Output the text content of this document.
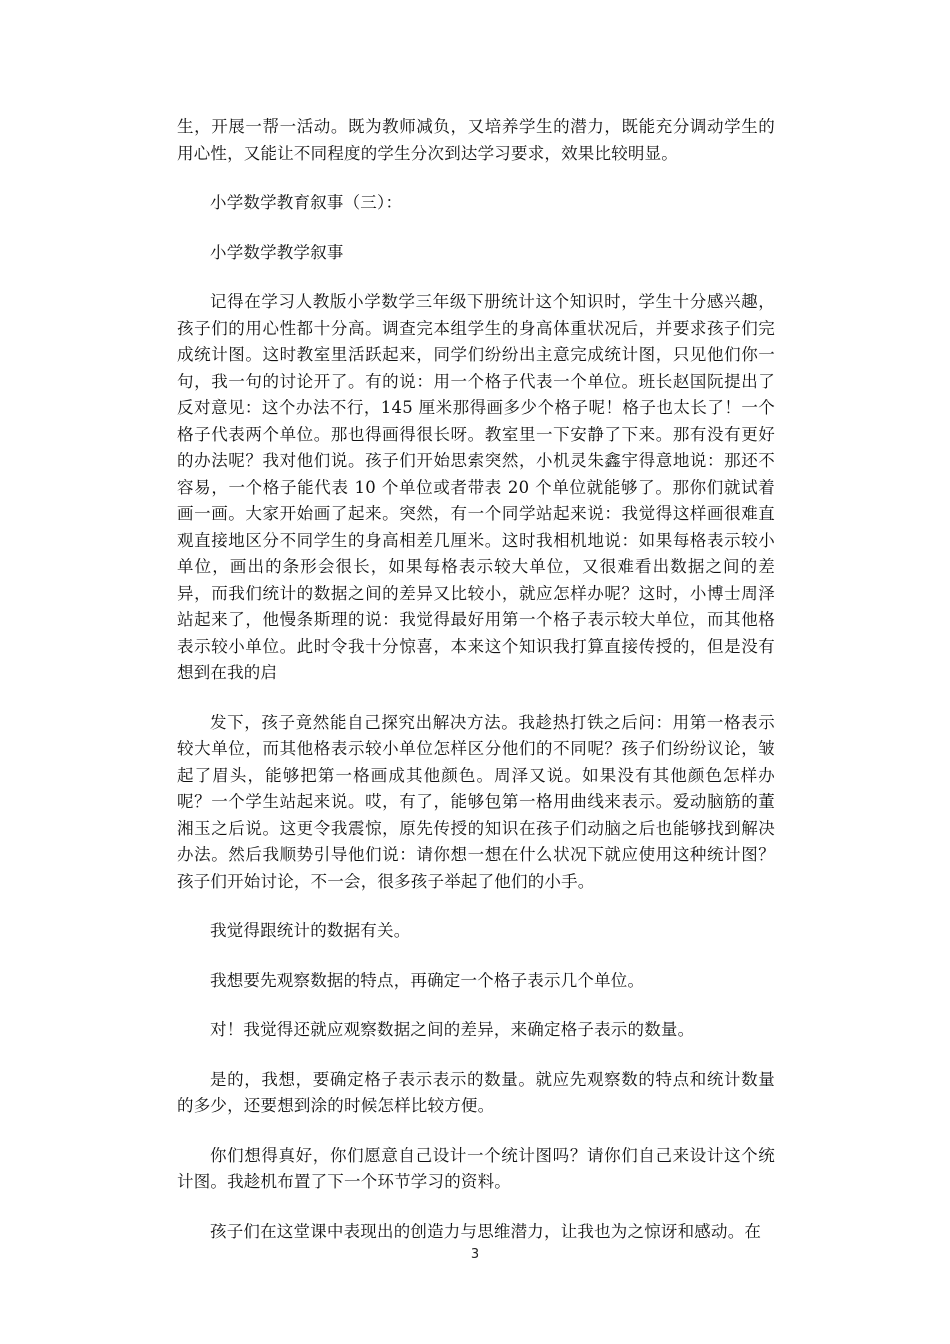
生，开展一帮一活动。既为教师减负，又培养学生的潜力，既能充分调动学生的用心性，又能让不同程度的学生分次到达学习要求，效果比较明显。

小学数学教育叙事（三）：

小学数学教学叙事

记得在学习人教版小学数学三年级下册统计这个知识时，学生十分感兴趣，孩子们的用心性都十分高。调查完本组学生的身高体重状况后，并要求孩子们完成统计图。这时教室里活跃起来，同学们纷纷出主意完成统计图，只见他们你一句，我一句的讨论开了。有的说：用一个格子代表一个单位。班长赵国阮提出了反对意见：这个办法不行，145 厘米那得画多少个格子呢！格子也太长了！一个格子代表两个单位。那也得画得很长呀。教室里一下安静了下来。那有没有更好的办法呢？我对他们说。孩子们开始思索突然，小机灵朱鑫宇得意地说：那还不容易，一个格子能代表 10 个单位或者带表 20 个单位就能够了。那你们就试着画一画。大家开始画了起来。突然，有一个同学站起来说：我觉得这样画很难直观直接地区分不同学生的身高相差几厘米。这时我相机地说：如果每格表示较小单位，画出的条形会很长，如果每格表示较大单位，又很难看出数据之间的差异，而我们统计的数据之间的差异又比较小，就应怎样办呢？这时，小博士周泽站起来了，他慢条斯理的说：我觉得最好用第一个格子表示较大单位，而其他格表示较小单位。此时令我十分惊喜，本来这个知识我打算直接传授的，但是没有想到在我的启

发下，孩子竟然能自己探究出解决方法。我趁热打铁之后问：用第一格表示较大单位，而其他格表示较小单位怎样区分他们的不同呢？孩子们纷纷议论，皱起了眉头，能够把第一格画成其他颜色。周泽又说。如果没有其他颜色怎样办呢？一个学生站起来说。哎，有了，能够包第一格用曲线来表示。爱动脑筋的董湘玉之后说。这更令我震惊，原先传授的知识在孩子们动脑之后也能够找到解决办法。然后我顺势引导他们说：请你想一想在什么状况下就应使用这种统计图？孩子们开始讨论，不一会，很多孩子举起了他们的小手。

我觉得跟统计的数据有关。

我想要先观察数据的特点，再确定一个格子表示几个单位。

对！我觉得还就应观察数据之间的差异，来确定格子表示的数量。

是的，我想，要确定格子表示表示的数量。就应先观察数的特点和统计数量的多少，还要想到涂的时候怎样比较方便。

你们想得真好，你们愿意自己设计一个统计图吗？请你们自己来设计这个统计图。我趁机布置了下一个环节学习的资料。

孩子们在这堂课中表现出的创造力与思维潜力，让我也为之惊讶和感动。在

3
